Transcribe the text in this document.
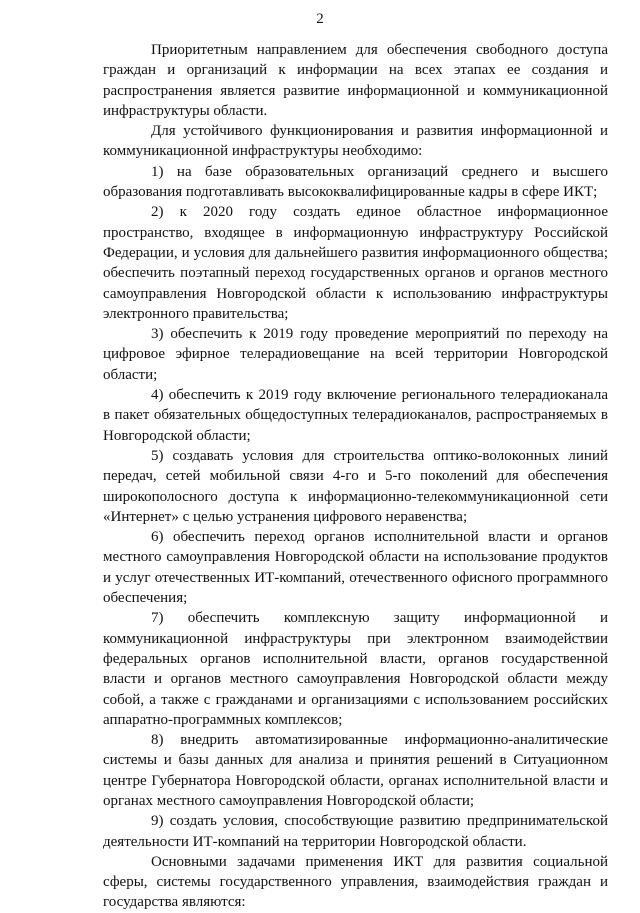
2

Приоритетным направлением для обеспечения свободного доступа граждан и организаций к информации на всех этапах ее создания и распространения является развитие информационной и коммуникационной инфраструктуры области.

Для устойчивого функционирования и развития информационной и коммуникационной инфраструктуры необходимо:

1) на базе образовательных организаций среднего и высшего образования подготавливать высококвалифицированные кадры в сфере ИКТ;

2) к 2020 году создать единое областное информационное пространство, входящее в информационную инфраструктуру Российской Федерации, и условия для дальнейшего развития информационного общества; обеспечить поэтапный переход государственных органов и органов местного самоуправления Новгородской области к использованию инфраструктуры электронного правительства;

3) обеспечить к 2019 году проведение мероприятий по переходу на цифровое эфирное телерадиовещание на всей территории Новгородской области;

4) обеспечить к 2019 году включение регионального телерадиоканала в пакет обязательных общедоступных телерадиоканалов, распространяемых в Новгородской области;

5) создавать условия для строительства оптико-волоконных линий передач, сетей мобильной связи 4-го и 5-го поколений для обеспечения широкополосного доступа к информационно-телекоммуникационной сети «Интернет» с целью устранения цифрового неравенства;

6) обеспечить переход органов исполнительной власти и органов местного самоуправления Новгородской области на использование продуктов и услуг отечественных ИТ-компаний, отечественного офисного программного обеспечения;

7) обеспечить комплексную защиту информационной и коммуникационной инфраструктуры при электронном взаимодействии федеральных органов исполнительной власти, органов государственной власти и органов местного самоуправления Новгородской области между собой, а также с гражданами и организациями с использованием российских аппаратно-программных комплексов;

8) внедрить автоматизированные информационно-аналитические системы и базы данных для анализа и принятия решений в Ситуационном центре Губернатора Новгородской области, органах исполнительной власти и органах местного самоуправления Новгородской области;

9) создать условия, способствующие развитию предпринимательской деятельности ИТ-компаний на территории Новгородской области.

Основными задачами применения ИКТ для развития социальной сферы, системы государственного управления, взаимодействия граждан и государства являются:
